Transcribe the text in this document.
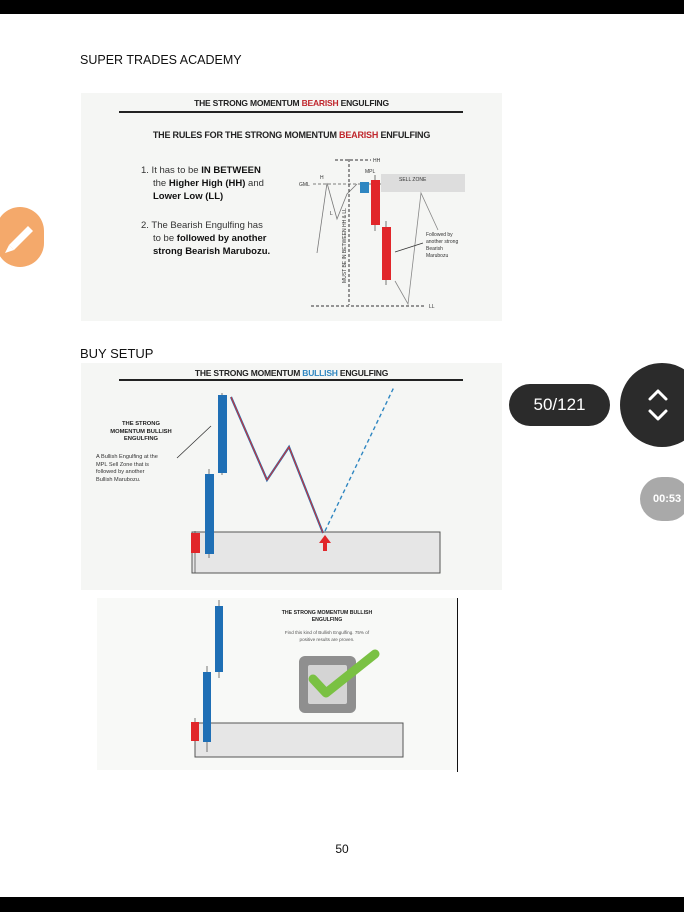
SUPER TRADES ACADEMY
THE STRONG MOMENTUM BEARISH ENGULFING
THE RULES FOR THE STRONG MOMENTUM BEARISH ENFULFING
1. It has to be IN BETWEEN
the Higher High (HH) and
Lower Low (LL)
2. The Bearish Engulfing has
to be followed by another
strong Bearish Marubozu.
HH
GML
H
MPL
SELL ZONE
L MUST BE IN BETWEEN HH & LL	Followed by
another strong
Bearish
Marubozu
LL
BUY SETUP
THE STRONG MOMENTUM BULLISH ENGULFING
THE STRONG
MOMENTUM BULLISH
ENGULFING
A Bullish Engulfing at the
MPL Sell Zone that is
followed by another
Bullish Marubozu.
THE STRONG MOMENTUM BULLISH
ENGULFING
Find this kind of Bullish Engulfing. 75% of
positive results are proven.
50
50/121
00:53
